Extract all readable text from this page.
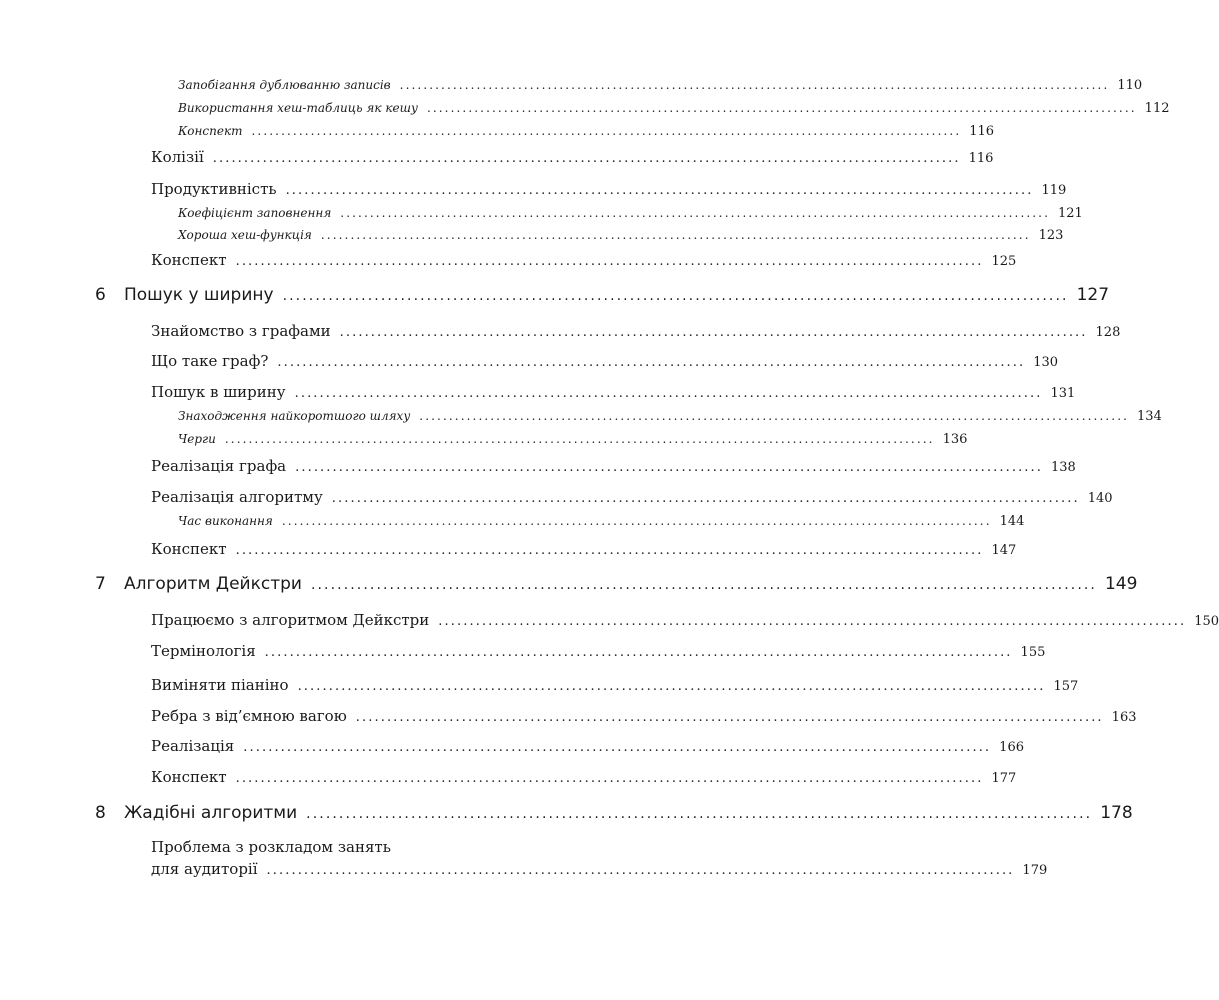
Запобігання дублюванню записів ........................................................................................................................ 110
Використання хеш-таблиць як кешу ........................................................................................................................ 112
Конспект ........................................................................................................................ 116
Колізії ........................................................................................................................ 116
Продуктивність ........................................................................................................................ 119
Коефіцієнт заповнення ........................................................................................................................ 121
Хороша хеш-функція ........................................................................................................................ 123
Конспект ........................................................................................................................ 125
6 Пошук у ширину ........................................................................................................................ 127
Знайомство з графами ........................................................................................................................ 128
Що таке граф? ........................................................................................................................ 130
Пошук в ширину ........................................................................................................................ 131
Знаходження найкоротшого шляху ........................................................................................................................ 134
Черги ........................................................................................................................ 136
Реалізація графа ........................................................................................................................ 138
Реалізація алгоритму ........................................................................................................................ 140
Час виконання ........................................................................................................................ 144
Конспект ........................................................................................................................ 147
7 Алгоритм Дейкстри ........................................................................................................................ 149
Працюємо з алгоритмом Дейкстри ........................................................................................................................ 150
Термінологія ........................................................................................................................ 155
Виміняти піаніно ........................................................................................................................ 157
Ребра з від’ємною вагою ........................................................................................................................ 163
Реалізація ........................................................................................................................ 166
Конспект ........................................................................................................................ 177
8 Жадібні алгоритми ........................................................................................................................ 178
Проблема з розкладом занять
для аудиторії ........................................................................................................................ 179
